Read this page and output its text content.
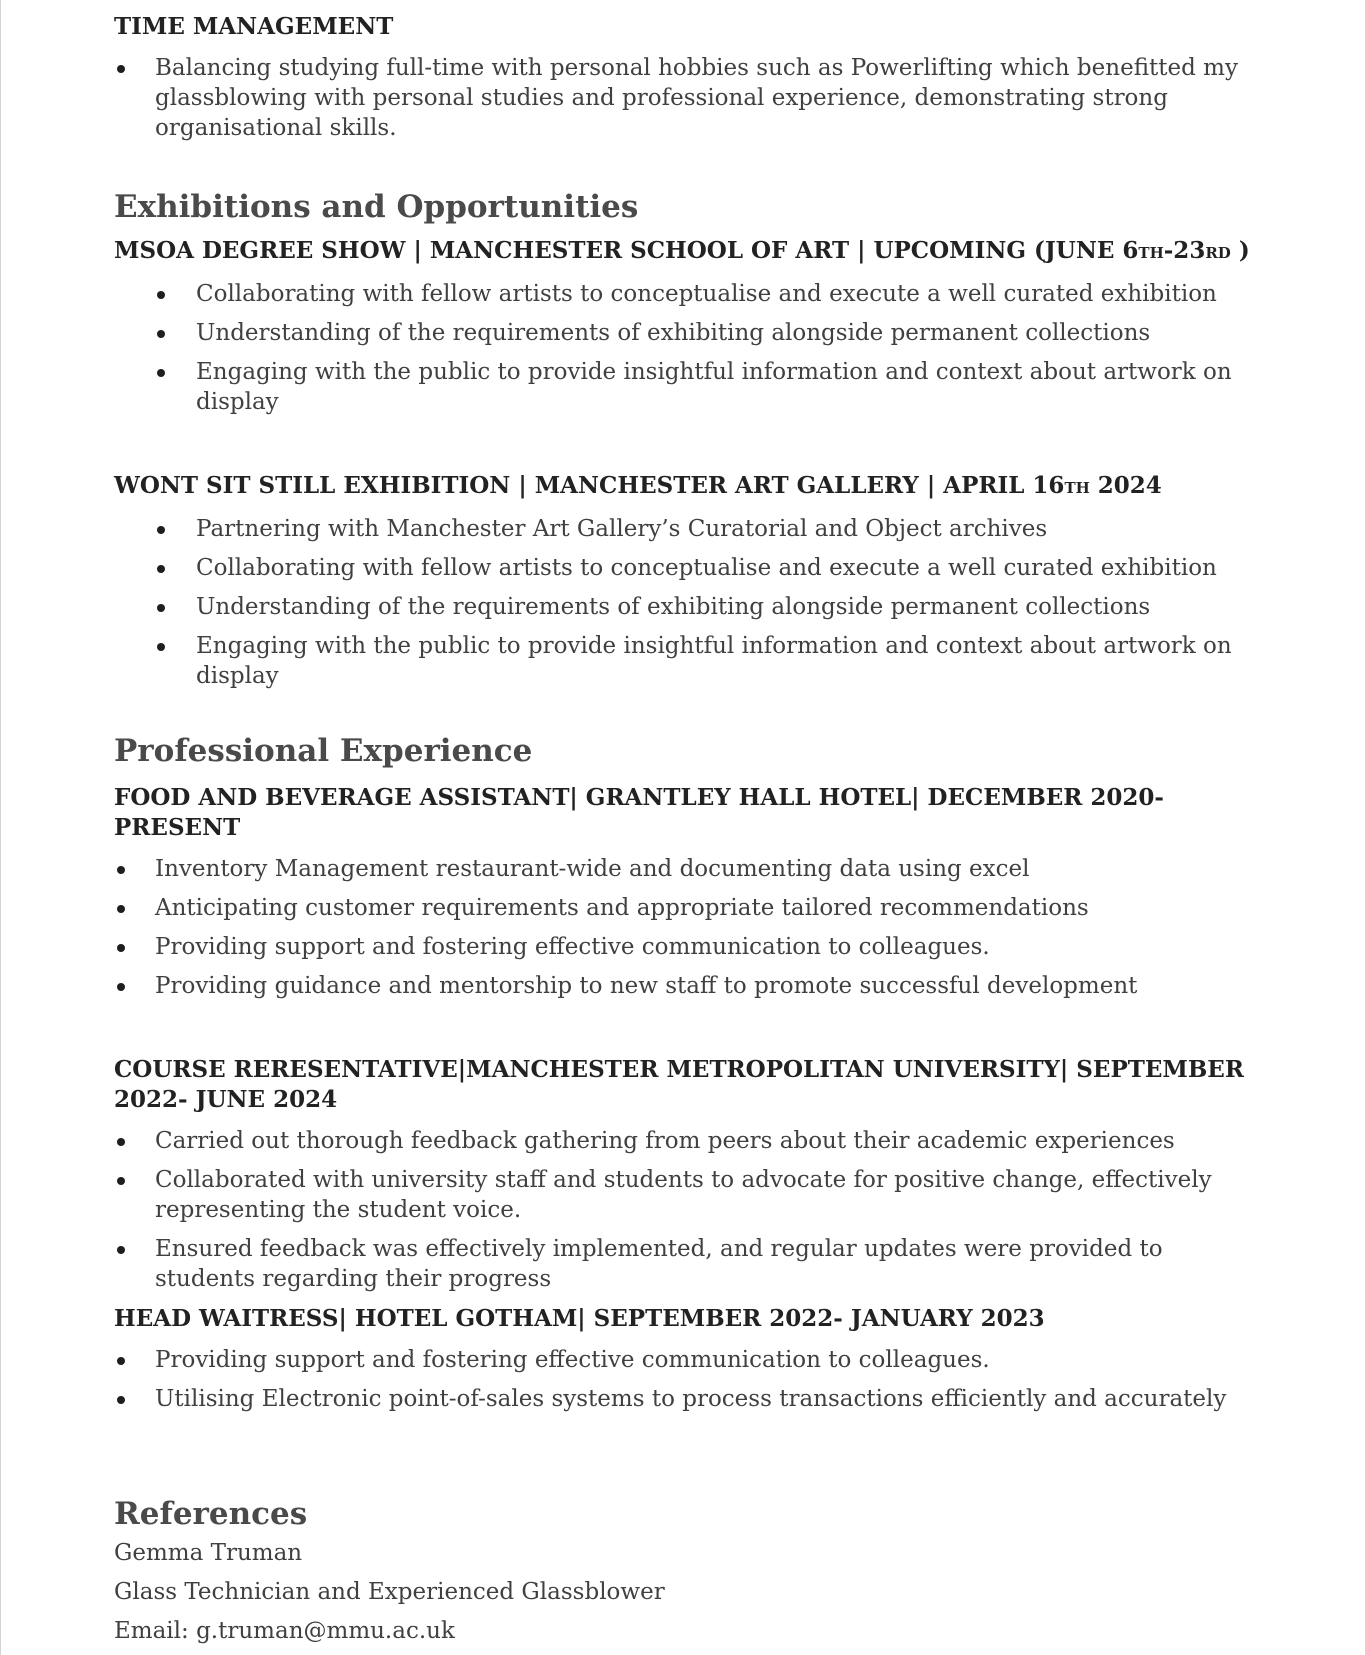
TIME MANAGEMENT

Balancing studying full-time with personal hobbies such as Powerlifting which benefitted my glassblowing with personal studies and professional experience, demonstrating strong organisational skills.

Exhibitions and Opportunities

MSOA DEGREE SHOW | MANCHESTER SCHOOL OF ART | UPCOMING (JUNE 6TH-23RD )

Collaborating with fellow artists to conceptualise and execute a well curated exhibition
Understanding of the requirements of exhibiting alongside permanent collections
Engaging with the public to provide insightful information and context about artwork on display

WONT SIT STILL EXHIBITION | MANCHESTER ART GALLERY | APRIL 16TH 2024

Partnering with Manchester Art Gallery’s Curatorial and Object archives
Collaborating with fellow artists to conceptualise and execute a well curated exhibition
Understanding of the requirements of exhibiting alongside permanent collections
Engaging with the public to provide insightful information and context about artwork on display

Professional Experience

FOOD AND BEVERAGE ASSISTANT| GRANTLEY HALL HOTEL| DECEMBER 2020- PRESENT

Inventory Management restaurant-wide and documenting data using excel
Anticipating customer requirements and appropriate tailored recommendations
Providing support and fostering effective communication to colleagues.
Providing guidance and mentorship to new staff to promote successful development

COURSE RERESENTATIVE|MANCHESTER METROPOLITAN UNIVERSITY| SEPTEMBER 2022- JUNE 2024

Carried out thorough feedback gathering from peers about their academic experiences
Collaborated with university staff and students to advocate for positive change, effectively representing the student voice.
Ensured feedback was effectively implemented, and regular updates were provided to students regarding their progress

HEAD WAITRESS| HOTEL GOTHAM| SEPTEMBER 2022- JANUARY 2023

Providing support and fostering effective communication to colleagues.
Utilising Electronic point-of-sales systems to process transactions efficiently and accurately

References

Gemma Truman

Glass Technician and Experienced Glassblower

Email: g.truman@mmu.ac.uk
